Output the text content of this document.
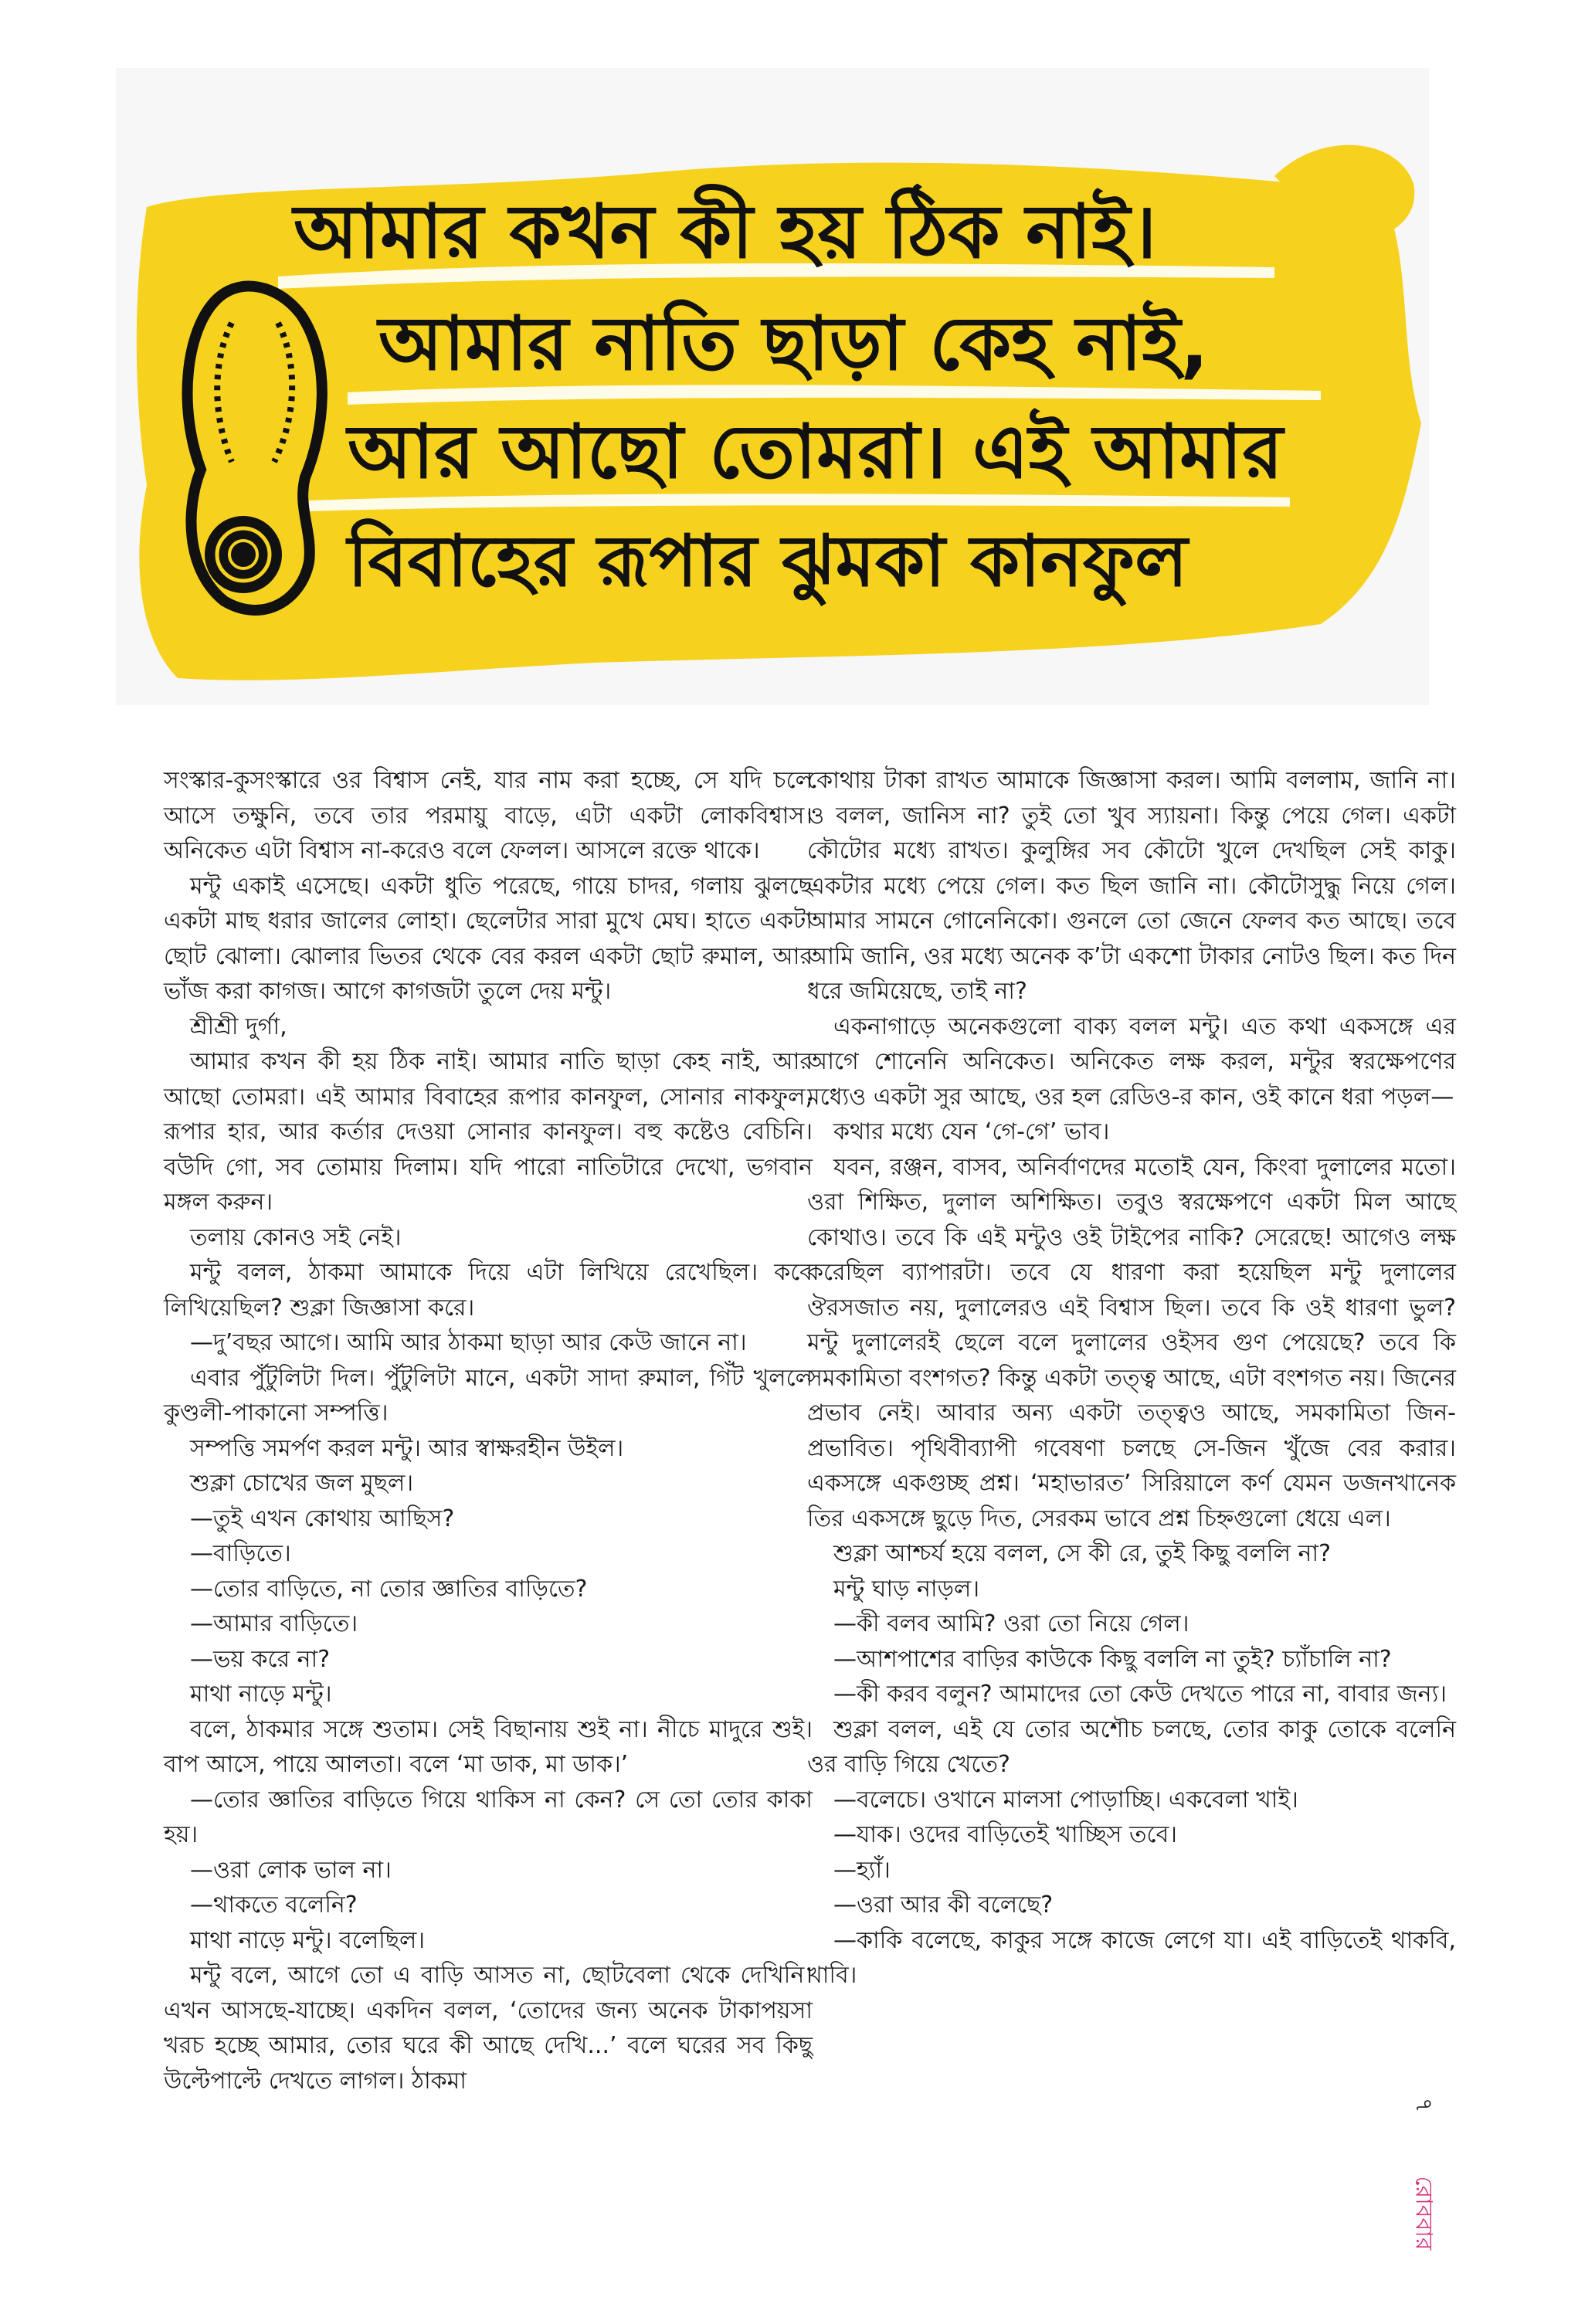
আমার কখন কী হয় ঠিক নাই।
আমার নাতি ছাড়া কেহ নাই,
আর আছো তোমরা। এই আমার
বিবাহের রূপার ঝুমকা কানফুল

সংস্কার-কুসংস্কারে ওর বিশ্বাস নেই, যার নাম করা হচ্ছে, সে যদি চলে আসে তক্ষুনি, তবে তার পরমায়ু বাড়ে, এটা একটা লোকবিশ্বাস। অনিকেত এটা বিশ্বাস না-করেও বলে ফেলল। আসলে রক্তে থাকে।

মন্টু একাই এসেছে। একটা ধুতি পরেছে, গায়ে চাদর, গলায় ঝুলছে একটা মাছ ধরার জালের লোহা। ছেলেটার সারা মুখে মেঘ। হাতে একটা ছোট ঝোলা। ঝোলার ভিতর থেকে বের করল একটা ছোট রুমাল, আর ভাঁজ করা কাগজ। আগে কাগজটা তুলে দেয় মন্টু।

শ্রীশ্রী দুর্গা,

আমার কখন কী হয় ঠিক নাই। আমার নাতি ছাড়া কেহ নাই, আর আছো তোমরা। এই আমার বিবাহের রূপার কানফুল, সোনার নাকফুল, রূপার হার, আর কর্তার দেওয়া সোনার কানফুল। বহু কষ্টেও বেচিনি। বউদি গো, সব তোমায় দিলাম। যদি পারো নাতিটারে দেখো, ভগবান মঙ্গল করুন।

তলায় কোনও সই নেই।

মন্টু বলল, ঠাকমা আমাকে দিয়ে এটা লিখিয়ে রেখেছিল। কবে লিখিয়েছিল? শুক্লা জিজ্ঞাসা করে।

—দু’বছর আগে। আমি আর ঠাকমা ছাড়া আর কেউ জানে না।

এবার পুঁটুলিটা দিল। পুঁটুলিটা মানে, একটা সাদা রুমাল, গিঁট খুললে কুণ্ডলী-পাকানো সম্পত্তি।

সম্পত্তি সমর্পণ করল মন্টু। আর স্বাক্ষরহীন উইল।

শুক্লা চোখের জল মুছল।

—তুই এখন কোথায় আছিস?

—বাড়িতে।

—তোর বাড়িতে, না তোর জ্ঞাতির বাড়িতে?

—আমার বাড়িতে।

—ভয় করে না?

মাথা নাড়ে মন্টু।

বলে, ঠাকমার সঙ্গে শুতাম। সেই বিছানায় শুই না। নীচে মাদুরে শুই। বাপ আসে, পায়ে আলতা। বলে ‘মা ডাক, মা ডাক।’

—তোর জ্ঞাতির বাড়িতে গিয়ে থাকিস না কেন? সে তো তোর কাকা হয়।

—ওরা লোক ভাল না।

—থাকতে বলেনি?

মাথা নাড়ে মন্টু। বলেছিল।

মন্টু বলে, আগে তো এ বাড়ি আসত না, ছোটবেলা থেকে দেখিনি। এখন আসছে-যাচ্ছে। একদিন বলল, ‘তোদের জন্য অনেক টাকাপয়সা খরচ হচ্ছে আমার, তোর ঘরে কী আছে দেখি...’ বলে ঘরের সব কিছু উল্টেপাল্টে দেখতে লাগল। ঠাকমা

কোথায় টাকা রাখত আমাকে জিজ্ঞাসা করল। আমি বললাম, জানি না। ও বলল, জানিস না? তুই তো খুব স্যায়না। কিন্তু পেয়ে গেল। একটা কৌটোর মধ্যে রাখত। কুলুঙ্গির সব কৌটো খুলে দেখছিল সেই কাকু। একটার মধ্যে পেয়ে গেল। কত ছিল জানি না। কৌটোসুদ্ধু নিয়ে গেল। আমার সামনে গোনেনিকো। গুনলে তো জেনে ফেলব কত আছে। তবে আমি জানি, ওর মধ্যে অনেক ক’টা একশো টাকার নোটও ছিল। কত দিন ধরে জমিয়েছে, তাই না?

একনাগাড়ে অনেকগুলো বাক্য বলল মন্টু। এত কথা একসঙ্গে এর আগে শোনেনি অনিকেত। অনিকেত লক্ষ করল, মন্টুর স্বরক্ষেপণের মধ্যেও একটা সুর আছে, ওর হল রেডিও-র কান, ওই কানে ধরা পড়ল—

কথার মধ্যে যেন ‘গে-গে’ ভাব।

যবন, রঞ্জন, বাসব, অনির্বাণদের মতোই যেন, কিংবা দুলালের মতো। ওরা শিক্ষিত, দুলাল অশিক্ষিত। তবুও স্বরক্ষেপণে একটা মিল আছে কোথাও। তবে কি এই মন্টুও ওই টাইপের নাকি? সেরেছে! আগেও লক্ষ করেছিল ব্যাপারটা। তবে যে ধারণা করা হয়েছিল মন্টু দুলালের ঔরসজাত নয়, দুলালেরও এই বিশ্বাস ছিল। তবে কি ওই ধারণা ভুল? মন্টু দুলালেরই ছেলে বলে দুলালের ওইসব গুণ পেয়েছে? তবে কি সমকামিতা বংশগত? কিন্তু একটা তত্ত্ব আছে, এটা বংশগত নয়। জিনের প্রভাব নেই। আবার অন্য একটা তত্ত্বও আছে, সমকামিতা জিন-প্রভাবিত। পৃথিবীব্যাপী গবেষণা চলছে সে-জিন খুঁজে বের করার। একসঙ্গে একগুচ্ছ প্রশ্ন। ‘মহাভারত’ সিরিয়ালে কর্ণ যেমন ডজনখানেক তির একসঙ্গে ছুড়ে দিত, সেরকম ভাবে প্রশ্ন চিহ্নগুলো ধেয়ে এল।

শুক্লা আশ্চর্য হয়ে বলল, সে কী রে, তুই কিছু বললি না?

মন্টু ঘাড় নাড়ল।

—কী বলব আমি? ওরা তো নিয়ে গেল।

—আশপাশের বাড়ির কাউকে কিছু বললি না তুই? চ্যাঁচালি না?

—কী করব বলুন? আমাদের তো কেউ দেখতে পারে না, বাবার জন্য।

শুক্লা বলল, এই যে তোর অশৌচ চলছে, তোর কাকু তোকে বলেনি ওর বাড়ি গিয়ে খেতে?

—বলেচে। ওখানে মালসা পোড়াচ্ছি। একবেলা খাই।

—যাক। ওদের বাড়িতেই খাচ্ছিস তবে।

—হ্যাঁ।

—ওরা আর কী বলেছে?

—কাকি বলেছে, কাকুর সঙ্গে কাজে লেগে যা। এই বাড়িতেই থাকবি, খাবি।

৭
রোববার
